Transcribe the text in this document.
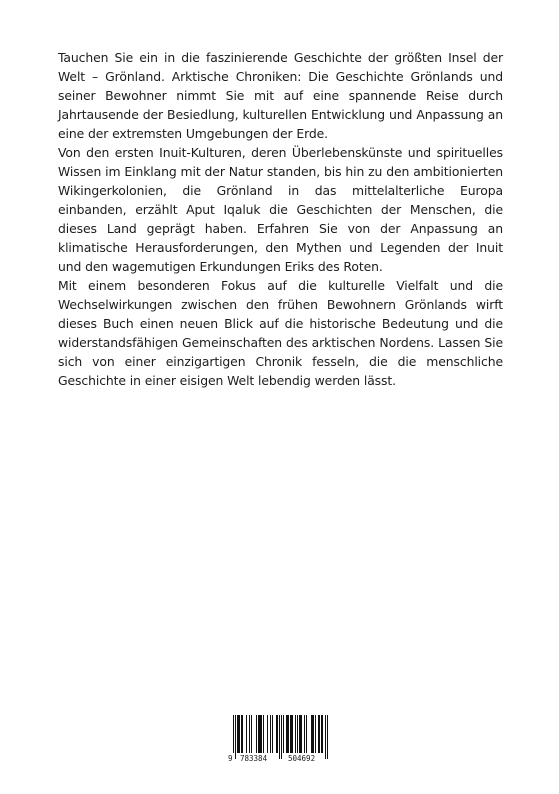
Tauchen Sie ein in die faszinierende Geschichte der größten Insel der Welt – Grönland. Arktische Chroniken: Die Geschichte Grönlands und seiner Bewohner nimmt Sie mit auf eine spannende Reise durch Jahrtausende der Besiedlung, kulturellen Entwicklung und Anpassung an eine der extremsten Umgebungen der Erde.

Von den ersten Inuit-Kulturen, deren Überlebenskünste und spirituelles Wissen im Einklang mit der Natur standen, bis hin zu den ambitionierten Wikingerkolonien, die Grönland in das mittelalterliche Europa einbanden, erzählt Aput Iqaluk die Geschichten der Menschen, die dieses Land geprägt haben. Erfahren Sie von der Anpassung an klimatische Herausforderungen, den Mythen und Legenden der Inuit und den wagemutigen Erkundungen Eriks des Roten.

Mit einem besonderen Fokus auf die kulturelle Vielfalt und die Wechselwirkungen zwischen den frühen Bewohnern Grönlands wirft dieses Buch einen neuen Blick auf die historische Bedeutung und die widerstandsfähigen Gemeinschaften des arktischen Nordens. Lassen Sie sich von einer einzigartigen Chronik fesseln, die die menschliche Geschichte in einer eisigen Welt lebendig werden lässt.

9 783384	504692
